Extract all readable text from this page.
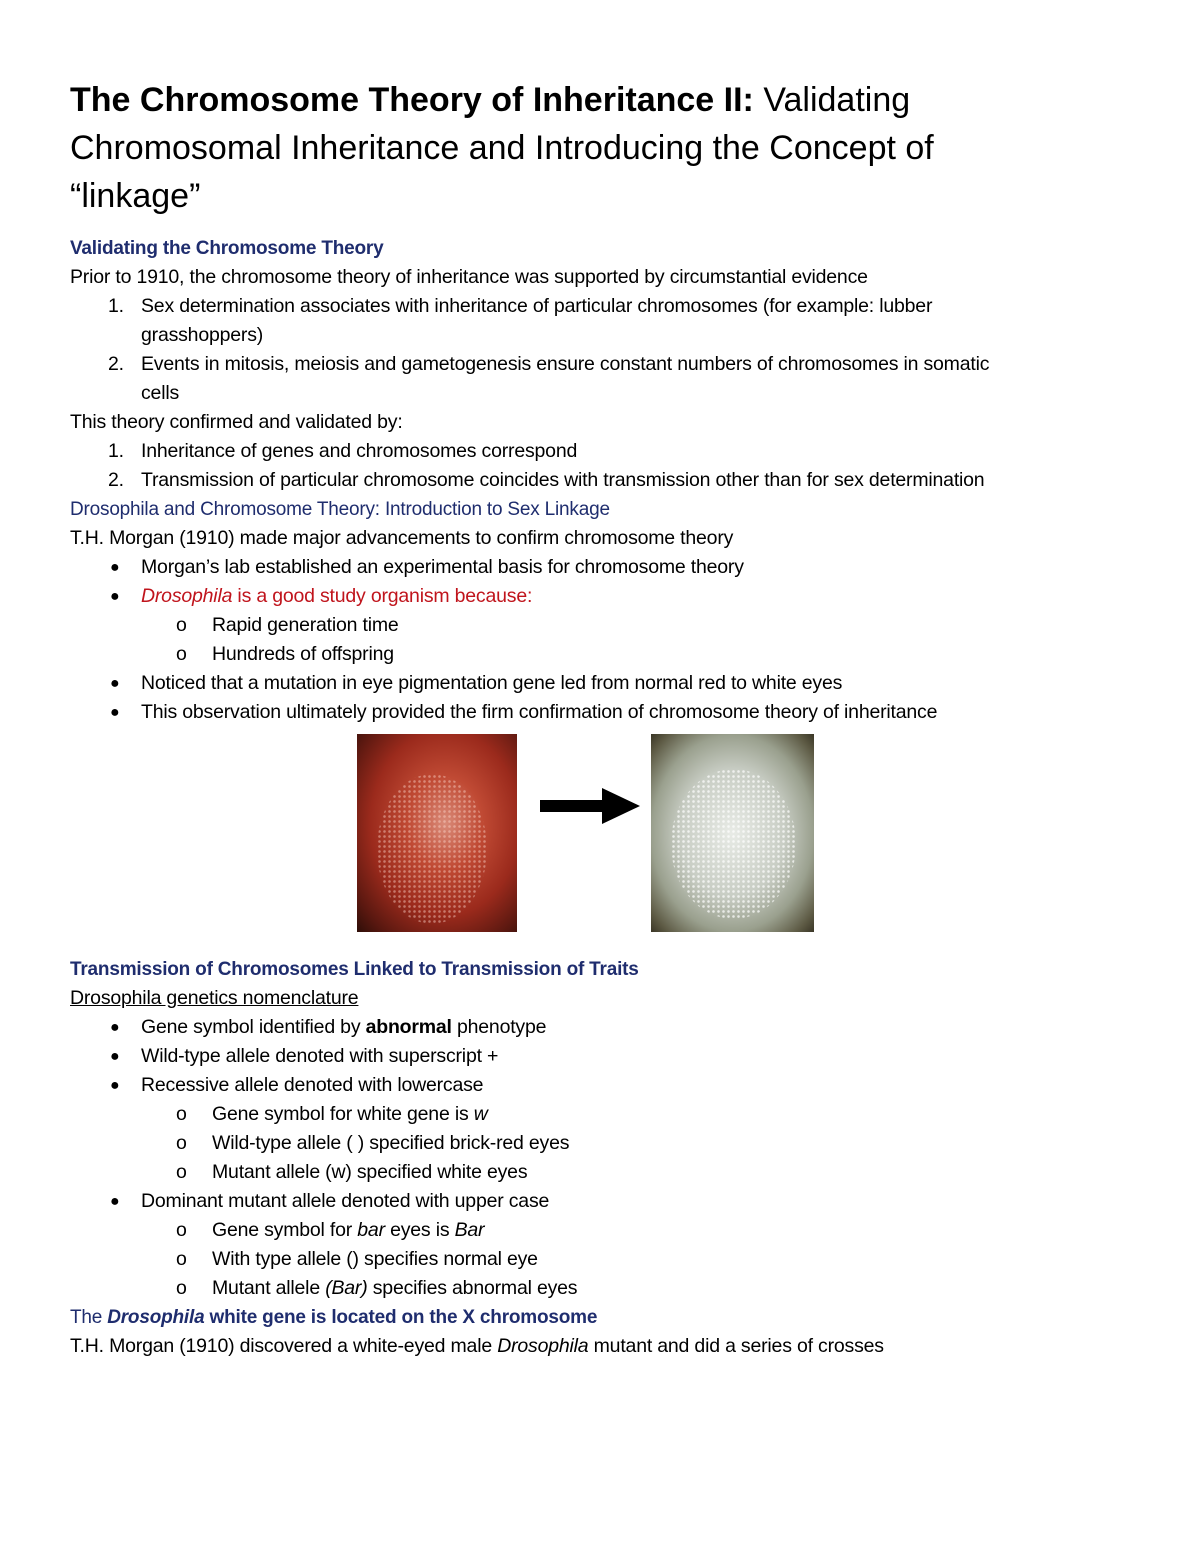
The Chromosome Theory of Inheritance II: Validating
Chromosomal Inheritance and Introducing the Concept of
“linkage”
Validating the Chromosome Theory
Prior to 1910, the chromosome theory of inheritance was supported by circumstantial evidence
1. Sex determination associates with inheritance of particular chromosomes (for example: lubber
grasshoppers)
2. Events in mitosis, meiosis and gametogenesis ensure constant numbers of chromosomes in somatic
cells
This theory confirmed and validated by:
1. Inheritance of genes and chromosomes correspond
2. Transmission of particular chromosome coincides with transmission other than for sex determination
Drosophila and Chromosome Theory: Introduction to Sex Linkage
T.H. Morgan (1910) made major advancements to confirm chromosome theory
● Morgan’s lab established an experimental basis for chromosome theory
● Drosophila is a good study organism because:
o Rapid generation time
o Hundreds of offspring
● Noticed that a mutation in eye pigmentation gene led from normal red to white eyes
● This observation ultimately provided the firm confirmation of chromosome theory of inheritance
Transmission of Chromosomes Linked to Transmission of Traits
Drosophila genetics nomenclature
● Gene symbol identified by abnormal phenotype
● Wild-type allele denoted with superscript +
● Recessive allele denoted with lowercase
o Gene symbol for white gene is w
o Wild-type allele ( ) specified brick-red eyes
o Mutant allele (w) specified white eyes
● Dominant mutant allele denoted with upper case
o Gene symbol for bar eyes is Bar
o With type allele () specifies normal eye
o Mutant allele (Bar) specifies abnormal eyes
The Drosophila white gene is located on the X chromosome
T.H. Morgan (1910) discovered a white-eyed male Drosophila mutant and did a series of crosses
